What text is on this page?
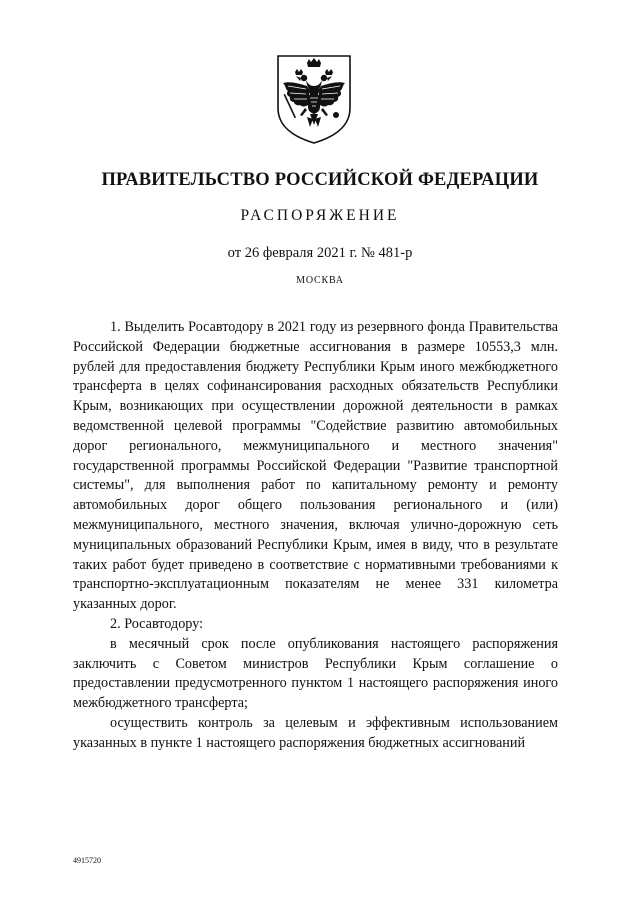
ПРАВИТЕЛЬСТВО РОССИЙСКОЙ ФЕДЕРАЦИИ
РАСПОРЯЖЕНИЕ
от 26 февраля 2021 г. № 481-р
МОСКВА

1. Выделить Росавтодору в 2021 году из резервного фонда Правительства Российской Федерации бюджетные ассигнования в размере 10553,3 млн. рублей для предоставления бюджету Республики Крым иного межбюджетного трансферта в целях софинансирования расходных обязательств Республики Крым, возникающих при осуществлении дорожной деятельности в рамках ведомственной целевой программы "Содействие развитию автомобильных дорог регионального, межмуниципального и местного значения" государственной программы Российской Федерации "Развитие транспортной системы", для выполнения работ по капитальному ремонту и ремонту автомобильных дорог общего пользования регионального и (или) межмуниципального, местного значения, включая улично-дорожную сеть муниципальных образований Республики Крым, имея в виду, что в результате таких работ будет приведено в соответствие с нормативными требованиями к транспортно-эксплуатационным показателям не менее 331 километра указанных дорог.

2. Росавтодору:

в месячный срок после опубликования настоящего распоряжения заключить с Советом министров Республики Крым соглашение о предоставлении предусмотренного пунктом 1 настоящего распоряжения иного межбюджетного трансферта;

осуществить контроль за целевым и эффективным использованием указанных в пункте 1 настоящего распоряжения бюджетных ассигнований

4915720
